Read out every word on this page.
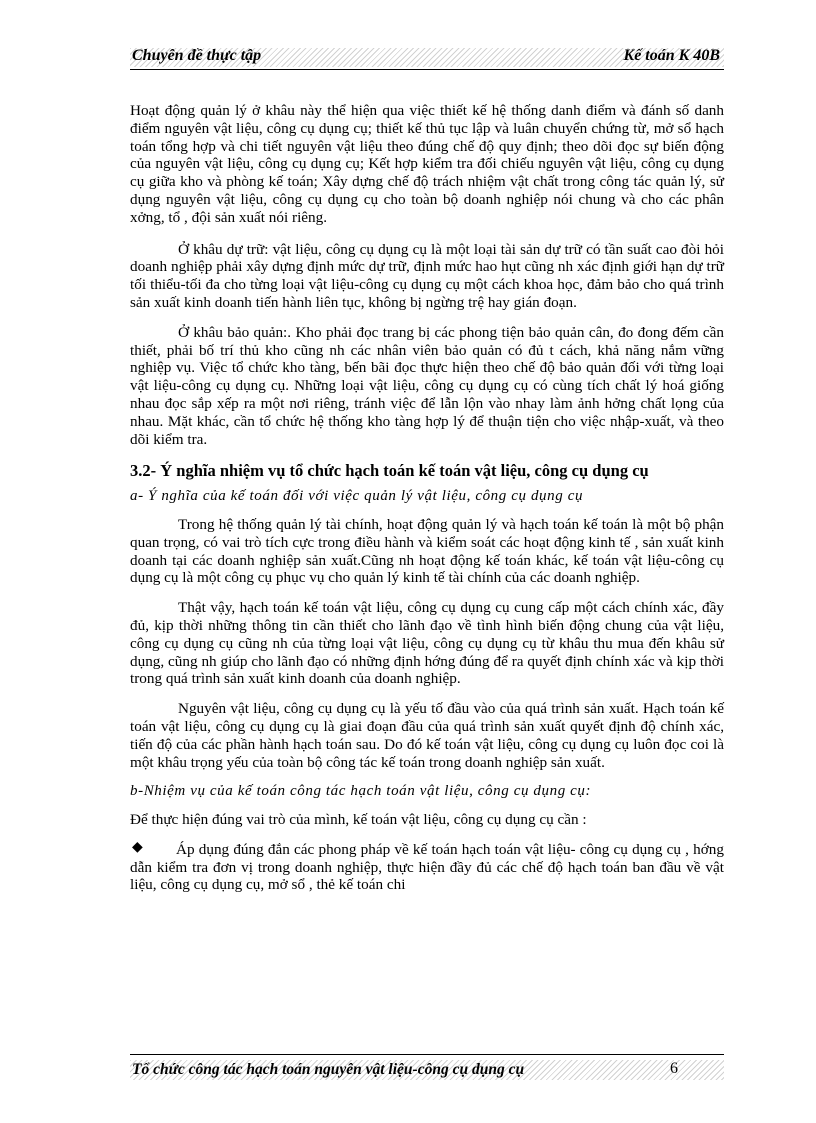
Chuyên đề thực tập	Kế toán K 40B

Hoạt động quản lý ở khâu này thể hiện qua việc thiết kế hệ thống danh điểm và đánh số danh điểm nguyên vật liệu, công cụ dụng cụ; thiết kế thủ tục lập và luân chuyển chứng từ, mở sổ hạch toán tổng hợp và chi tiết nguyên vật liệu theo đúng chế độ quy định; theo dõi đọc sự biến động của nguyên vật liệu, công cụ dụng cụ; Kết hợp kiểm tra đối chiếu nguyên vật liệu, công cụ dụng cụ giữa kho và phòng kế toán; Xây dựng chế độ trách nhiệm vật chất trong công tác quản lý, sử dụng nguyên vật liệu, công cụ dụng cụ cho toàn bộ doanh nghiệp nói chung và cho các phân xởng, tổ , đội sản xuất nói riêng.

Ở khâu dự trữ: vật liệu, công cụ dụng cụ là một loại tài sản dự trữ có tần suất cao đòi hỏi doanh nghiệp phải xây dựng định mức dự trữ, định mức hao hụt cũng nh xác định giới hạn dự trữ tối thiểu-tối đa cho từng loại vật liệu-công cụ dụng cụ một cách khoa học, đảm bảo cho quá trình sản xuất kinh doanh tiến hành liên tục, không bị ngừng trệ hay gián đoạn.

Ở khâu bảo quản:. Kho phải đọc trang bị các phong tiện bảo quản cân, đo đong đếm cần thiết, phải bố trí thủ kho cũng nh các nhân viên bảo quản có đủ t cách, khả năng nắm vững nghiệp vụ. Việc tổ chức kho tàng, bến bãi đọc thực hiện theo chế độ bảo quản đối với từng loại vật liệu-công cụ dụng cụ. Những loại vật liệu, công cụ dụng cụ có cùng tích chất lý hoá giống nhau đọc sắp xếp ra một nơi riêng, tránh việc để lẫn lộn vào nhay làm ảnh hởng chất lọng của nhau. Mặt khác, cần tổ chức hệ thống kho tàng hợp lý để thuận tiện cho việc nhập-xuất, và theo dõi kiểm tra.

3.2- Ý nghĩa nhiệm vụ tổ chức hạch toán kế toán vật liệu, công cụ dụng cụ

a- Ý nghĩa của kế toán đối với việc quản lý vật liệu, công cụ dụng cụ

Trong hệ thống quản lý tài chính, hoạt động quản lý và hạch toán kế toán là một bộ phận quan trọng, có vai trò tích cực trong điều hành và kiểm soát các hoạt động kinh tế , sản xuất kinh doanh tại các doanh nghiệp sản xuất.Cũng nh hoạt động kế toán khác, kế toán vật liệu-công cụ dụng cụ là một công cụ phục vụ cho quản lý kinh tế tài chính của các doanh nghiệp.

Thật vậy, hạch toán kế toán vật liệu, công cụ dụng cụ cung cấp một cách chính xác, đầy đủ, kịp thời những thông tin cần thiết cho lãnh đạo về tình hình biến động chung của vật liệu, công cụ dụng cụ cũng nh của từng loại vật liệu, công cụ dụng cụ từ khâu thu mua đến khâu sử dụng, cũng nh giúp cho lãnh đạo có những định hớng đúng để ra quyết định chính xác và kịp thời trong quá trình sản xuất kinh doanh của doanh nghiệp.

Nguyên vật liệu, công cụ dụng cụ là yếu tố đầu vào của quá trình sản xuất. Hạch toán kế toán vật liệu, công cụ dụng cụ là giai đoạn đầu của quá trình sản xuất quyết định độ chính xác, tiến độ của các phần hành hạch toán sau. Do đó kế toán vật liệu, công cụ dụng cụ luôn đọc coi là một khâu trọng yếu của toàn bộ công tác kế toán trong doanh nghiệp sản xuất.

b-Nhiệm vụ của kế toán công tác hạch toán vật liệu, công cụ dụng cụ:

Để thực hiện đúng vai trò của mình, kế toán vật liệu, công cụ dụng cụ cần :

◆	Áp dụng đúng đắn các phong pháp về kế toán hạch toán vật liệu- công cụ dụng cụ , hớng dẫn kiểm tra đơn vị trong doanh nghiệp, thực hiện đầy đủ các chế độ hạch toán ban đầu về vật liệu, công cụ dụng cụ, mở sổ , thẻ kế toán chi
Tổ chức công tác hạch toán nguyên vật liệu-công cụ dụng cụ	6
